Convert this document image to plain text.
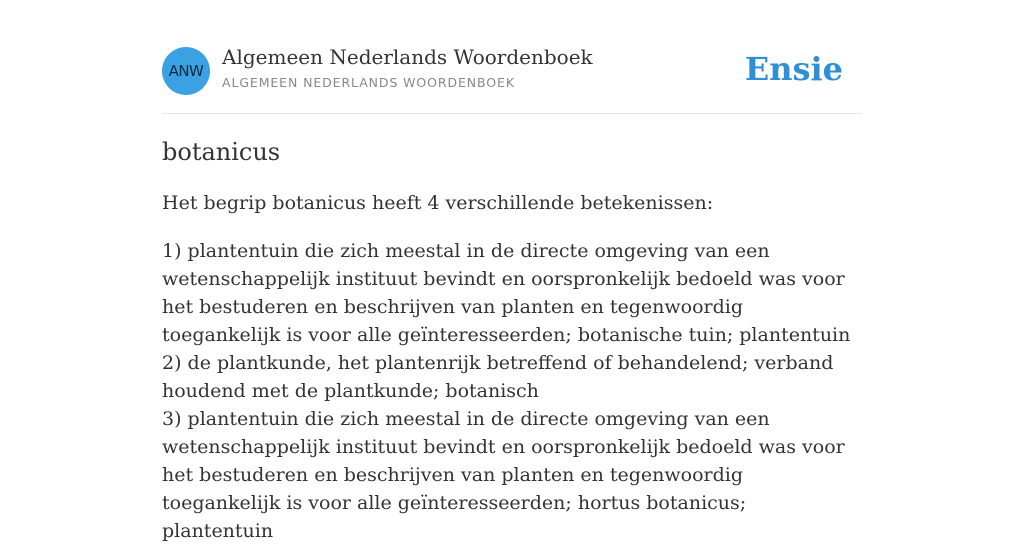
ANW
Algemeen Nederlands Woordenboek
ALGEMEEN NEDERLANDS WOORDENBOEK	Ensie
botanicus

Het begrip botanicus heeft 4 verschillende betekenissen:

1) plantentuin die zich meestal in de directe omgeving van een wetenschappelijk instituut bevindt en oorspronkelijk bedoeld was voor het bestuderen en beschrijven van planten en tegenwoordig toegankelijk is voor alle geïnteresseerden; botanische tuin; plantentuin
2) de plantkunde, het plantenrijk betreffend of behandelend; verband houdend met de plantkunde; botanisch
3) plantentuin die zich meestal in de directe omgeving van een wetenschappelijk instituut bevindt en oorspronkelijk bedoeld was voor het bestuderen en beschrijven van planten en tegenwoordig toegankelijk is voor alle geïnteresseerden; hortus botanicus; plantentuin
